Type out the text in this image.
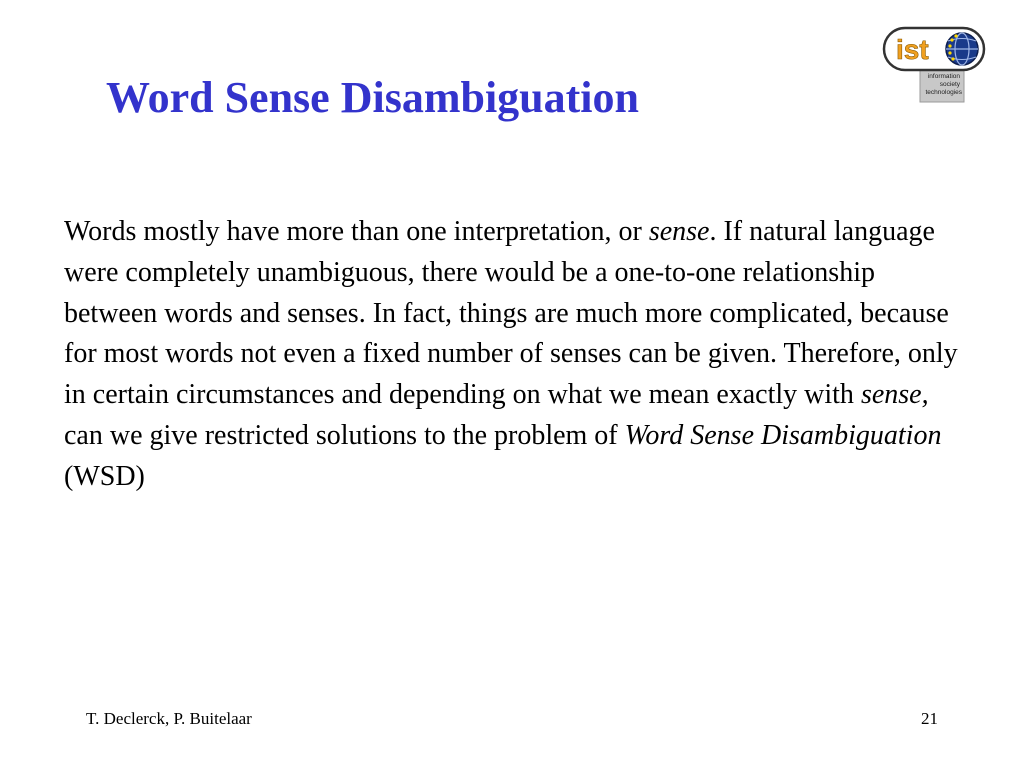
Word Sense Disambiguation
ist
information
society
technologies

Words mostly have more than one interpretation, or sense. If natural language were completely unambiguous, there would be a one-to-one relationship between words and senses. In fact, things are much more complicated, because for most words not even a fixed number of senses can be given. Therefore, only in certain circumstances and depending on what we mean exactly with sense, can we give restricted solutions to the problem of Word Sense Disambiguation (WSD)

T. Declerck, P. Buitelaar	21
